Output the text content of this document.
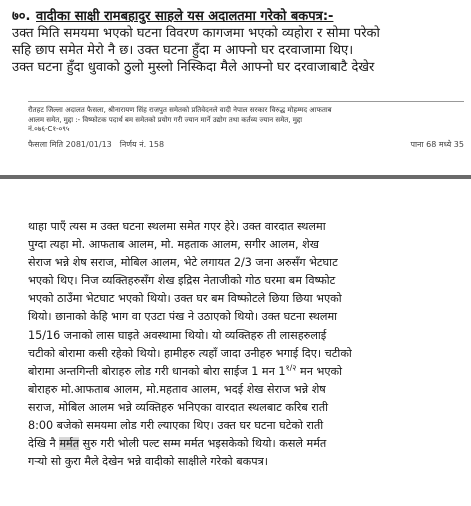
७०. वादीका साक्षी रामबहादुर साहले यस अदालतमा गरेको बकपत्र:-
उक्त मिति समयमा भएको घटना विवरण कागजमा भएको व्यहोरा र सोमा परेको
सहि छाप समेत मेरो नै छ। उक्त घटना हुँदा म आफ्नो घर दरवाजामा थिए।
उक्त घटना हुँदा धुवाको ठुलो मुस्लो निस्किदा मैले आफ्नो घर दरवाजाबाटै देखेर
रौतहट जिल्ला अदालत फैसला, श्रीनारायण सिंह राजपुत समेतको प्रतिवेदनले वादी नेपाल सरकार विरुद्ध मोहम्मद आफताब
आलम समेत, मुद्दा :- विष्फोटक पदार्थ बम समेतको प्रयोग गरी ज्यान मार्ने उद्योग तथा कर्तव्य ज्यान समेत, मुद्दा
नं.०७६-C१-०९५
फैसला मिति 2081/01/13 निर्णय नं. 158	पाना 68 मध्ये 35
थाहा पाएँ त्यस म उक्त घटना स्थलमा समेत गएर हेरे। उक्त वारदात स्थलमा
पुग्दा त्यहा मो. आफताब आलम, मो. महताक आलम, सगीर आलम, शेख
सेराज भन्ने शेष सराज, मोबिल आलम, भेटे लगायत 2/3 जना अरुसँग भेटघाट
भएको थिए। निज व्यक्तिहरुसँग शेख इद्रिस नेताजीको गोठ घरमा बम विष्फोट
भएको ठाउँमा भेटघाट भएको थियो। उक्त घर बम विष्फोटले छिया छिया भएको
थियो। छानाको केहि भाग वा एउटा पंख ने उठाएको थियो। उक्त घटना स्थलमा
15/16 जनाको लास घाइते अवस्थामा थियो। यो व्यक्तिहरु ती लासहरुलाई
चटीको बोरामा कसी रहेको थियो। हामीहरु त्यहाँ जादा उनीहरु भगाई दिए। चटीको
बोरामा अन्तगिन्ती बोराहरु लोड गरी धानको बोरा साईज 1 मन $1^{१/२}$ मन भएको
बोराहरु मो.आफताब आलम, मो.महताव आलम, भदई शेख सेराज भन्ने शेष
सराज, मोबिल आलम भन्ने व्यक्तिहरु भनिएका वारदात स्थलबाट करिब राती
8:00 बजेको समयमा लोड गरी ल्याएका थिए। उक्त घर घटना घटेको राती
देखि नै मर्मत सुरु गरी भोली पल्ट सम्म मर्मत भइसकेको थियो। कसले मर्मत
गऱ्यो सो कुरा मैले देखेन भन्ने वादीको साक्षीले गरेको बकपत्र।
